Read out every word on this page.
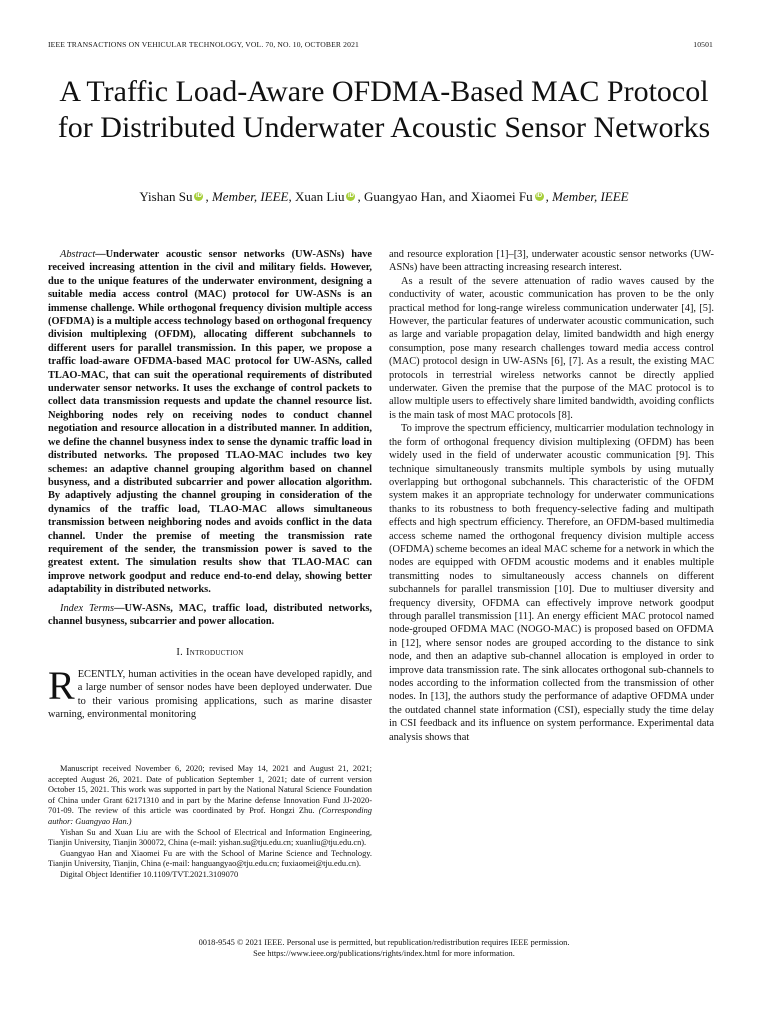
IEEE TRANSACTIONS ON VEHICULAR TECHNOLOGY, VOL. 70, NO. 10, OCTOBER 2021	10501
A Traffic Load-Aware OFDMA-Based MAC Protocol for Distributed Underwater Acoustic Sensor Networks
Yishan Su iD , Member, IEEE, Xuan Liu iD , Guangyao Han, and Xiaomei Fu iD , Member, IEEE

Abstract—Underwater acoustic sensor networks (UW-ASNs) have received increasing attention in the civil and military fields. However, due to the unique features of the underwater environment, designing a suitable media access control (MAC) protocol for UW-ASNs is an immense challenge. While orthogonal frequency division multiple access (OFDMA) is a multiple access technology based on orthogonal frequency division multiplexing (OFDM), allocating different subchannels to different users for parallel transmission. In this paper, we propose a traffic load-aware OFDMA-based MAC protocol for UW-ASNs, called TLAO-MAC, that can suit the operational requirements of distributed underwater sensor networks. It uses the exchange of control packets to collect data transmission requests and update the channel resource list. Neighboring nodes rely on receiving nodes to conduct channel negotiation and resource allocation in a distributed manner. In addition, we define the channel busyness index to sense the dynamic traffic load in distributed networks. The proposed TLAO-MAC includes two key schemes: an adaptive channel grouping algorithm based on channel busyness, and a distributed subcarrier and power allocation algorithm. By adaptively adjusting the channel grouping in consideration of the dynamics of the traffic load, TLAO-MAC allows simultaneous transmission between neighboring nodes and avoids conflict in the data channel. Under the premise of meeting the transmission rate requirement of the sender, the transmission power is saved to the greatest extent. The simulation results show that TLAO-MAC can improve network goodput and reduce end-to-end delay, showing better adaptability in distributed networks.

Index Terms—UW-ASNs, MAC, traffic load, distributed networks, channel busyness, subcarrier and power allocation.

I. Introduction

RECENTLY, human activities in the ocean have developed rapidly, and a large number of sensor nodes have been deployed underwater. Due to their various promising applications, such as marine disaster warning, environmental monitoring

Manuscript received November 6, 2020; revised May 14, 2021 and August 21, 2021; accepted August 26, 2021. Date of publication September 1, 2021; date of current version October 15, 2021. This work was supported in part by the National Natural Science Foundation of China under Grant 62171310 and in part by the Marine defense Innovation Fund JJ-2020-701-09. The review of this article was coordinated by Prof. Hongzi Zhu. (Corresponding author: Guangyao Han.)

Yishan Su and Xuan Liu are with the School of Electrical and Information Engineering, Tianjin University, Tianjin 300072, China (e-mail: yishan.su@tju.edu.cn; xuanliu@tju.edu.cn).

Guangyao Han and Xiaomei Fu are with the School of Marine Science and Technology. Tianjin University, Tianjin, China (e-mail: hanguangyao@tju.edu.cn; fuxiaomei@tju.edu.cn).

Digital Object Identifier 10.1109/TVT.2021.3109070

and resource exploration [1]–[3], underwater acoustic sensor networks (UW-ASNs) have been attracting increasing research interest.

As a result of the severe attenuation of radio waves caused by the conductivity of water, acoustic communication has proven to be the only practical method for long-range wireless communication underwater [4], [5]. However, the particular features of underwater acoustic communication, such as large and variable propagation delay, limited bandwidth and high energy consumption, pose many research challenges toward media access control (MAC) protocol design in UW-ASNs [6], [7]. As a result, the existing MAC protocols in terrestrial wireless networks cannot be directly applied underwater. Given the premise that the purpose of the MAC protocol is to allow multiple users to effectively share limited bandwidth, avoiding conflicts is the main task of most MAC protocols [8].

To improve the spectrum efficiency, multicarrier modulation technology in the form of orthogonal frequency division multiplexing (OFDM) has been widely used in the field of underwater acoustic communication [9]. This technique simultaneously transmits multiple symbols by using mutually overlapping but orthogonal subchannels. This characteristic of the OFDM system makes it an appropriate technology for underwater communications thanks to its robustness to both frequency-selective fading and multipath effects and high spectrum efficiency. Therefore, an OFDM-based multimedia access scheme named the orthogonal frequency division multiple access (OFDMA) scheme becomes an ideal MAC scheme for a network in which the nodes are equipped with OFDM acoustic modems and it enables multiple transmitting nodes to simultaneously access channels on different subchannels for parallel transmission [10]. Due to multiuser diversity and frequency diversity, OFDMA can effectively improve network goodput through parallel transmission [11]. An energy efficient MAC protocol named node-grouped OFDMA MAC (NOGO-MAC) is proposed based on OFDMA in [12], where sensor nodes are grouped according to the distance to sink node, and then an adaptive sub-channel allocation is employed in order to improve data transmission rate. The sink allocates orthogonal sub-channels to nodes according to the information collected from the transmission of other nodes. In [13], the authors study the performance of adaptive OFDMA under the outdated channel state information (CSI), especially study the time delay in CSI feedback and its influence on system performance. Experimental data analysis shows that

0018-9545 © 2021 IEEE. Personal use is permitted, but republication/redistribution requires IEEE permission.
See https://www.ieee.org/publications/rights/index.html for more information.
